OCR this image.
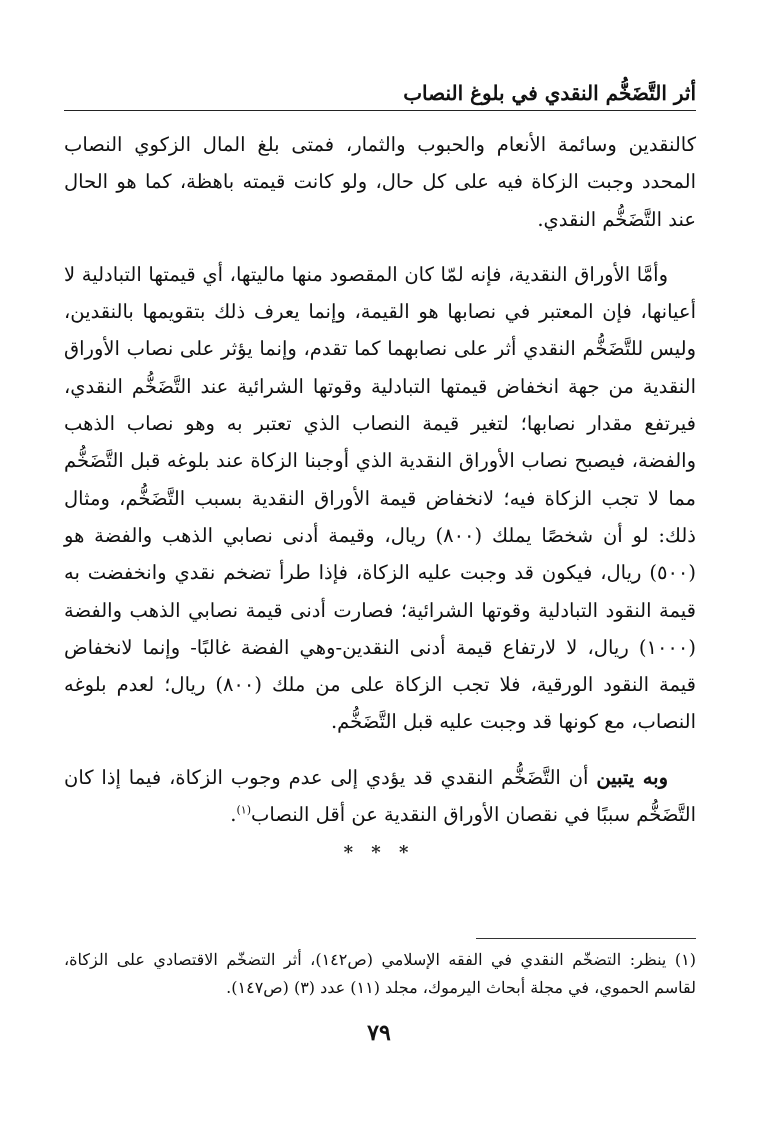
أثر التَّضَخُّم النقدي في بلوغ النصاب

كالنقدين وسائمة الأنعام والحبوب والثمار، فمتى بلغ المال الزكوي النصاب المحدد وجبت الزكاة فيه على كل حال، ولو كانت قيمته باهظة، كما هو الحال عند التَّضَخُّم النقدي.

وأمَّا الأوراق النقدية، فإنه لمّا كان المقصود منها ماليتها، أي قيمتها التبادلية لا أعيانها، فإن المعتبر في نصابها هو القيمة، وإنما يعرف ذلك بتقويمها بالنقدين، وليس للتَّضَخُّم النقدي أثر على نصابهما كما تقدم، وإنما يؤثر على نصاب الأوراق النقدية من جهة انخفاض قيمتها التبادلية وقوتها الشرائية عند التَّضَخُّم النقدي، فيرتفع مقدار نصابها؛ لتغير قيمة النصاب الذي تعتبر به وهو نصاب الذهب والفضة، فيصبح نصاب الأوراق النقدية الذي أوجبنا الزكاة عند بلوغه قبل التَّضَخُّم مما لا تجب الزكاة فيه؛ لانخفاض قيمة الأوراق النقدية بسبب التَّضَخُّم، ومثال ذلك: لو أن شخصًا يملك (٨٠٠) ريال، وقيمة أدنى نصابي الذهب والفضة هو (٥٠٠) ريال، فيكون قد وجبت عليه الزكاة، فإذا طرأ تضخم نقدي وانخفضت به قيمة النقود التبادلية وقوتها الشرائية؛ فصارت أدنى قيمة نصابي الذهب والفضة (١٠٠٠) ريال، لا لارتفاع قيمة أدنى النقدين-وهي الفضة غالبًا- وإنما لانخفاض قيمة النقود الورقية، فلا تجب الزكاة على من ملك (٨٠٠) ريال؛ لعدم بلوغه النصاب، مع كونها قد وجبت عليه قبل التَّضَخُّم.

وبه يتبين أن التَّضَخُّم النقدي قد يؤدي إلى عدم وجوب الزكاة، فيما إذا كان التَّضَخُّم سببًا في نقصان الأوراق النقدية عن أقل النصاب$^{(١)}$.

* * *
(١) ينظر: التضخّم النقدي في الفقه الإسلامي (ص١٤٢)، أثر التضخّم الاقتصادي على الزكاة، لقاسم الحموي، في مجلة أبحاث اليرموك، مجلد (١١) عدد (٣) (ص١٤٧).
٧٩
